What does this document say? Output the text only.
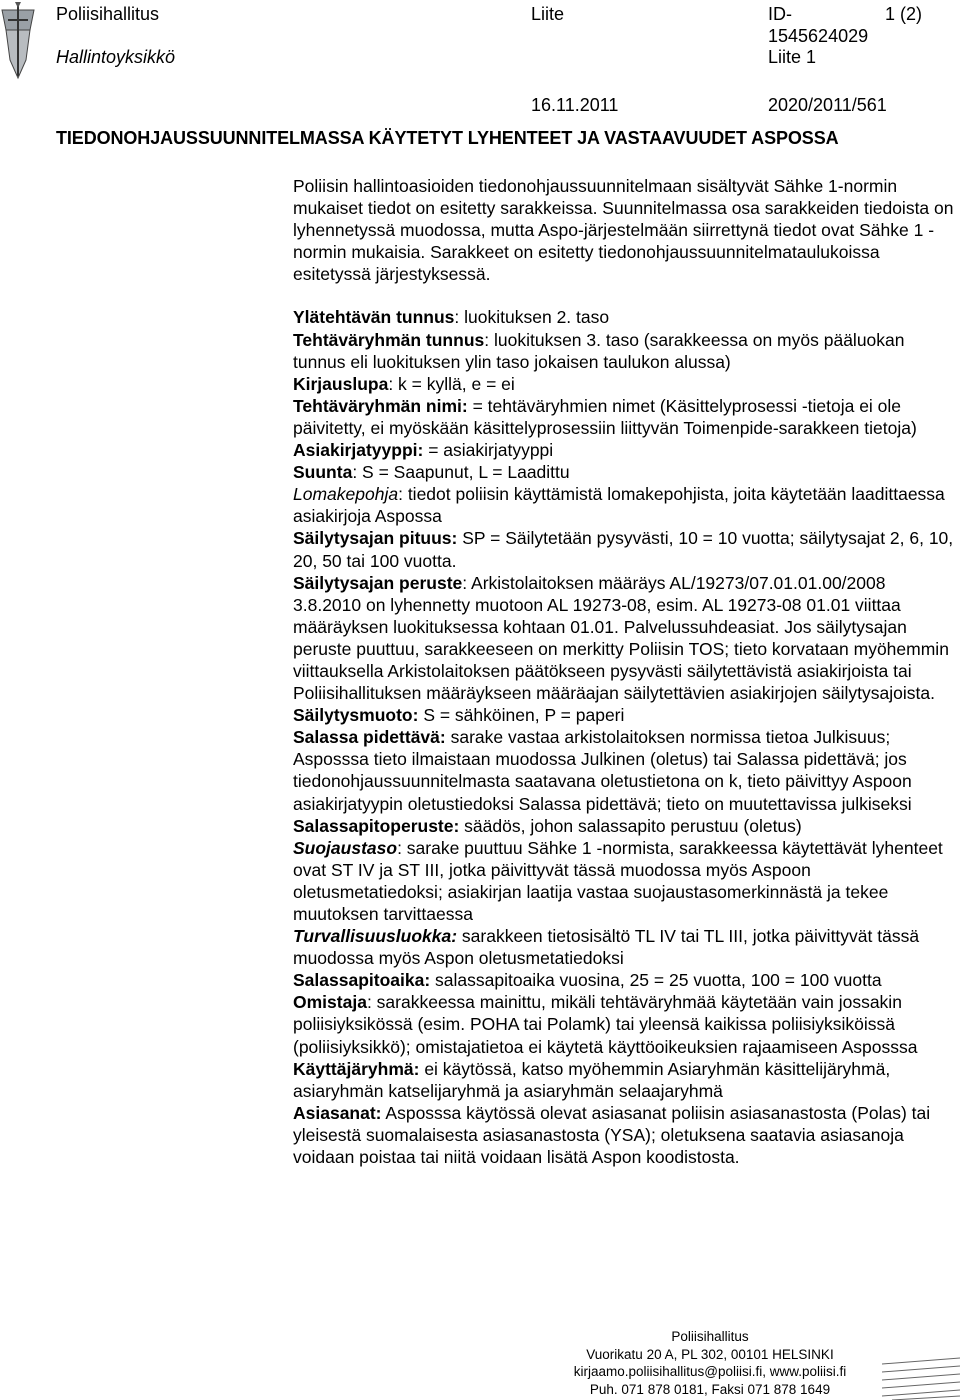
Poliisihallitus
Hallintoyksikkö
Liite	ID-
1545624029
Liite 1
1 (2)
16.11.2011	2020/2011/561
TIEDONOHJAUSSUUNNITELMASSA KÄYTETYT LYHENTEET JA VASTAAVUUDET ASPOSSA

Poliisin hallintoasioiden tiedonohjaussuunnitelmaan sisältyvät Sähke 1-normin mukaiset tiedot on esitetty sarakkeissa. Suunnitelmassa osa sarakkeiden tiedoista on lyhennetyssä muodossa, mutta Aspo-järjestelmään siirrettynä tiedot ovat Sähke 1 -normin mukaisia. Sarakkeet on esitetty tiedonohjaussuunnitelmataulukoissa esitetyssä järjestyksessä.

Ylätehtävän tunnus: luokituksen 2. taso

Tehtäväryhmän tunnus: luokituksen 3. taso (sarakkeessa on myös pääluokan tunnus eli luokituksen ylin taso jokaisen taulukon alussa)

Kirjauslupa: k = kyllä, e = ei

Tehtäväryhmän nimi: = tehtäväryhmien nimet (Käsittelyprosessi -tietoja ei ole päivitetty, ei myöskään käsittelyprosessiin liittyvän Toimenpide-sarakkeen tietoja)

Asiakirjatyyppi: = asiakirjatyyppi

Suunta: S = Saapunut, L = Laadittu

Lomakepohja: tiedot poliisin käyttämistä lomakepohjista, joita käytetään laadittaessa asiakirjoja Aspossa

Säilytysajan pituus: SP = Säilytetään pysyvästi, 10 = 10 vuotta; säilytysajat 2, 6, 10, 20, 50 tai 100 vuotta.

Säilytysajan peruste: Arkistolaitoksen määräys AL/19273/07.01.01.00/2008 3.8.2010 on lyhennetty muotoon AL 19273-08, esim. AL 19273-08 01.01 viittaa määräyksen luokituksessa kohtaan 01.01. Palvelussuhdeasiat. Jos säilytysajan peruste puuttuu, sarakkeeseen on merkitty Poliisin TOS; tieto korvataan myöhemmin viittauksella Arkistolaitoksen päätökseen pysyvästi säilytettävistä asiakirjoista tai Poliisihallituksen määräykseen määräajan säilytettävien asiakirjojen säilytysajoista.

Säilytysmuoto: S = sähköinen, P = paperi

Salassa pidettävä: sarake vastaa arkistolaitoksen normissa tietoa Julkisuus; Asposssa tieto ilmaistaan muodossa Julkinen (oletus) tai Salassa pidettävä; jos tiedonohjaussuunnitelmasta saatavana oletustietona on k, tieto päivittyy Aspoon asiakirjatyypin oletustiedoksi Salassa pidettävä; tieto on muutettavissa julkiseksi

Salassapitoperuste: säädös, johon salassapito perustuu (oletus)

Suojaustaso: sarake puuttuu Sähke 1 -normista, sarakkeessa käytettävät lyhenteet ovat ST IV ja ST III, jotka päivittyvät tässä muodossa myös Aspoon oletusmetatiedoksi; asiakirjan laatija vastaa suojaustasomerkinnästä ja tekee muutoksen tarvittaessa

Turvallisuusluokka: sarakkeen tietosisältö TL IV tai TL III, jotka päivittyvät tässä muodossa myös Aspon oletusmetatiedoksi

Salassapitoaika: salassapitoaika vuosina, 25 = 25 vuotta, 100 = 100 vuotta

Omistaja: sarakkeessa mainittu, mikäli tehtäväryhmää käytetään vain jossakin poliisiyksikössä (esim. POHA tai Polamk) tai yleensä kaikissa poliisiyksiköissä (poliisiyksikkö); omistajatietoa ei käytetä käyttöoikeuksien rajaamiseen Asposssa

Käyttäjäryhmä: ei käytössä, katso myöhemmin Asiaryhmän käsittelijäryhmä, asiaryhmän katselijaryhmä ja asiaryhmän selaajaryhmä

Asiasanat: Asposssa käytössä olevat asiasanat poliisin asiasanastosta (Polas) tai yleisestä suomalaisesta asiasanastosta (YSA); oletuksena saatavia asiasanoja voidaan poistaa tai niitä voidaan lisätä Aspon koodistosta.

Poliisihallitus
Vuorikatu 20 A, PL 302, 00101 HELSINKI
kirjaamo.poliisihallitus@poliisi.fi, www.poliisi.fi
Puh. 071 878 0181, Faksi 071 878 1649
